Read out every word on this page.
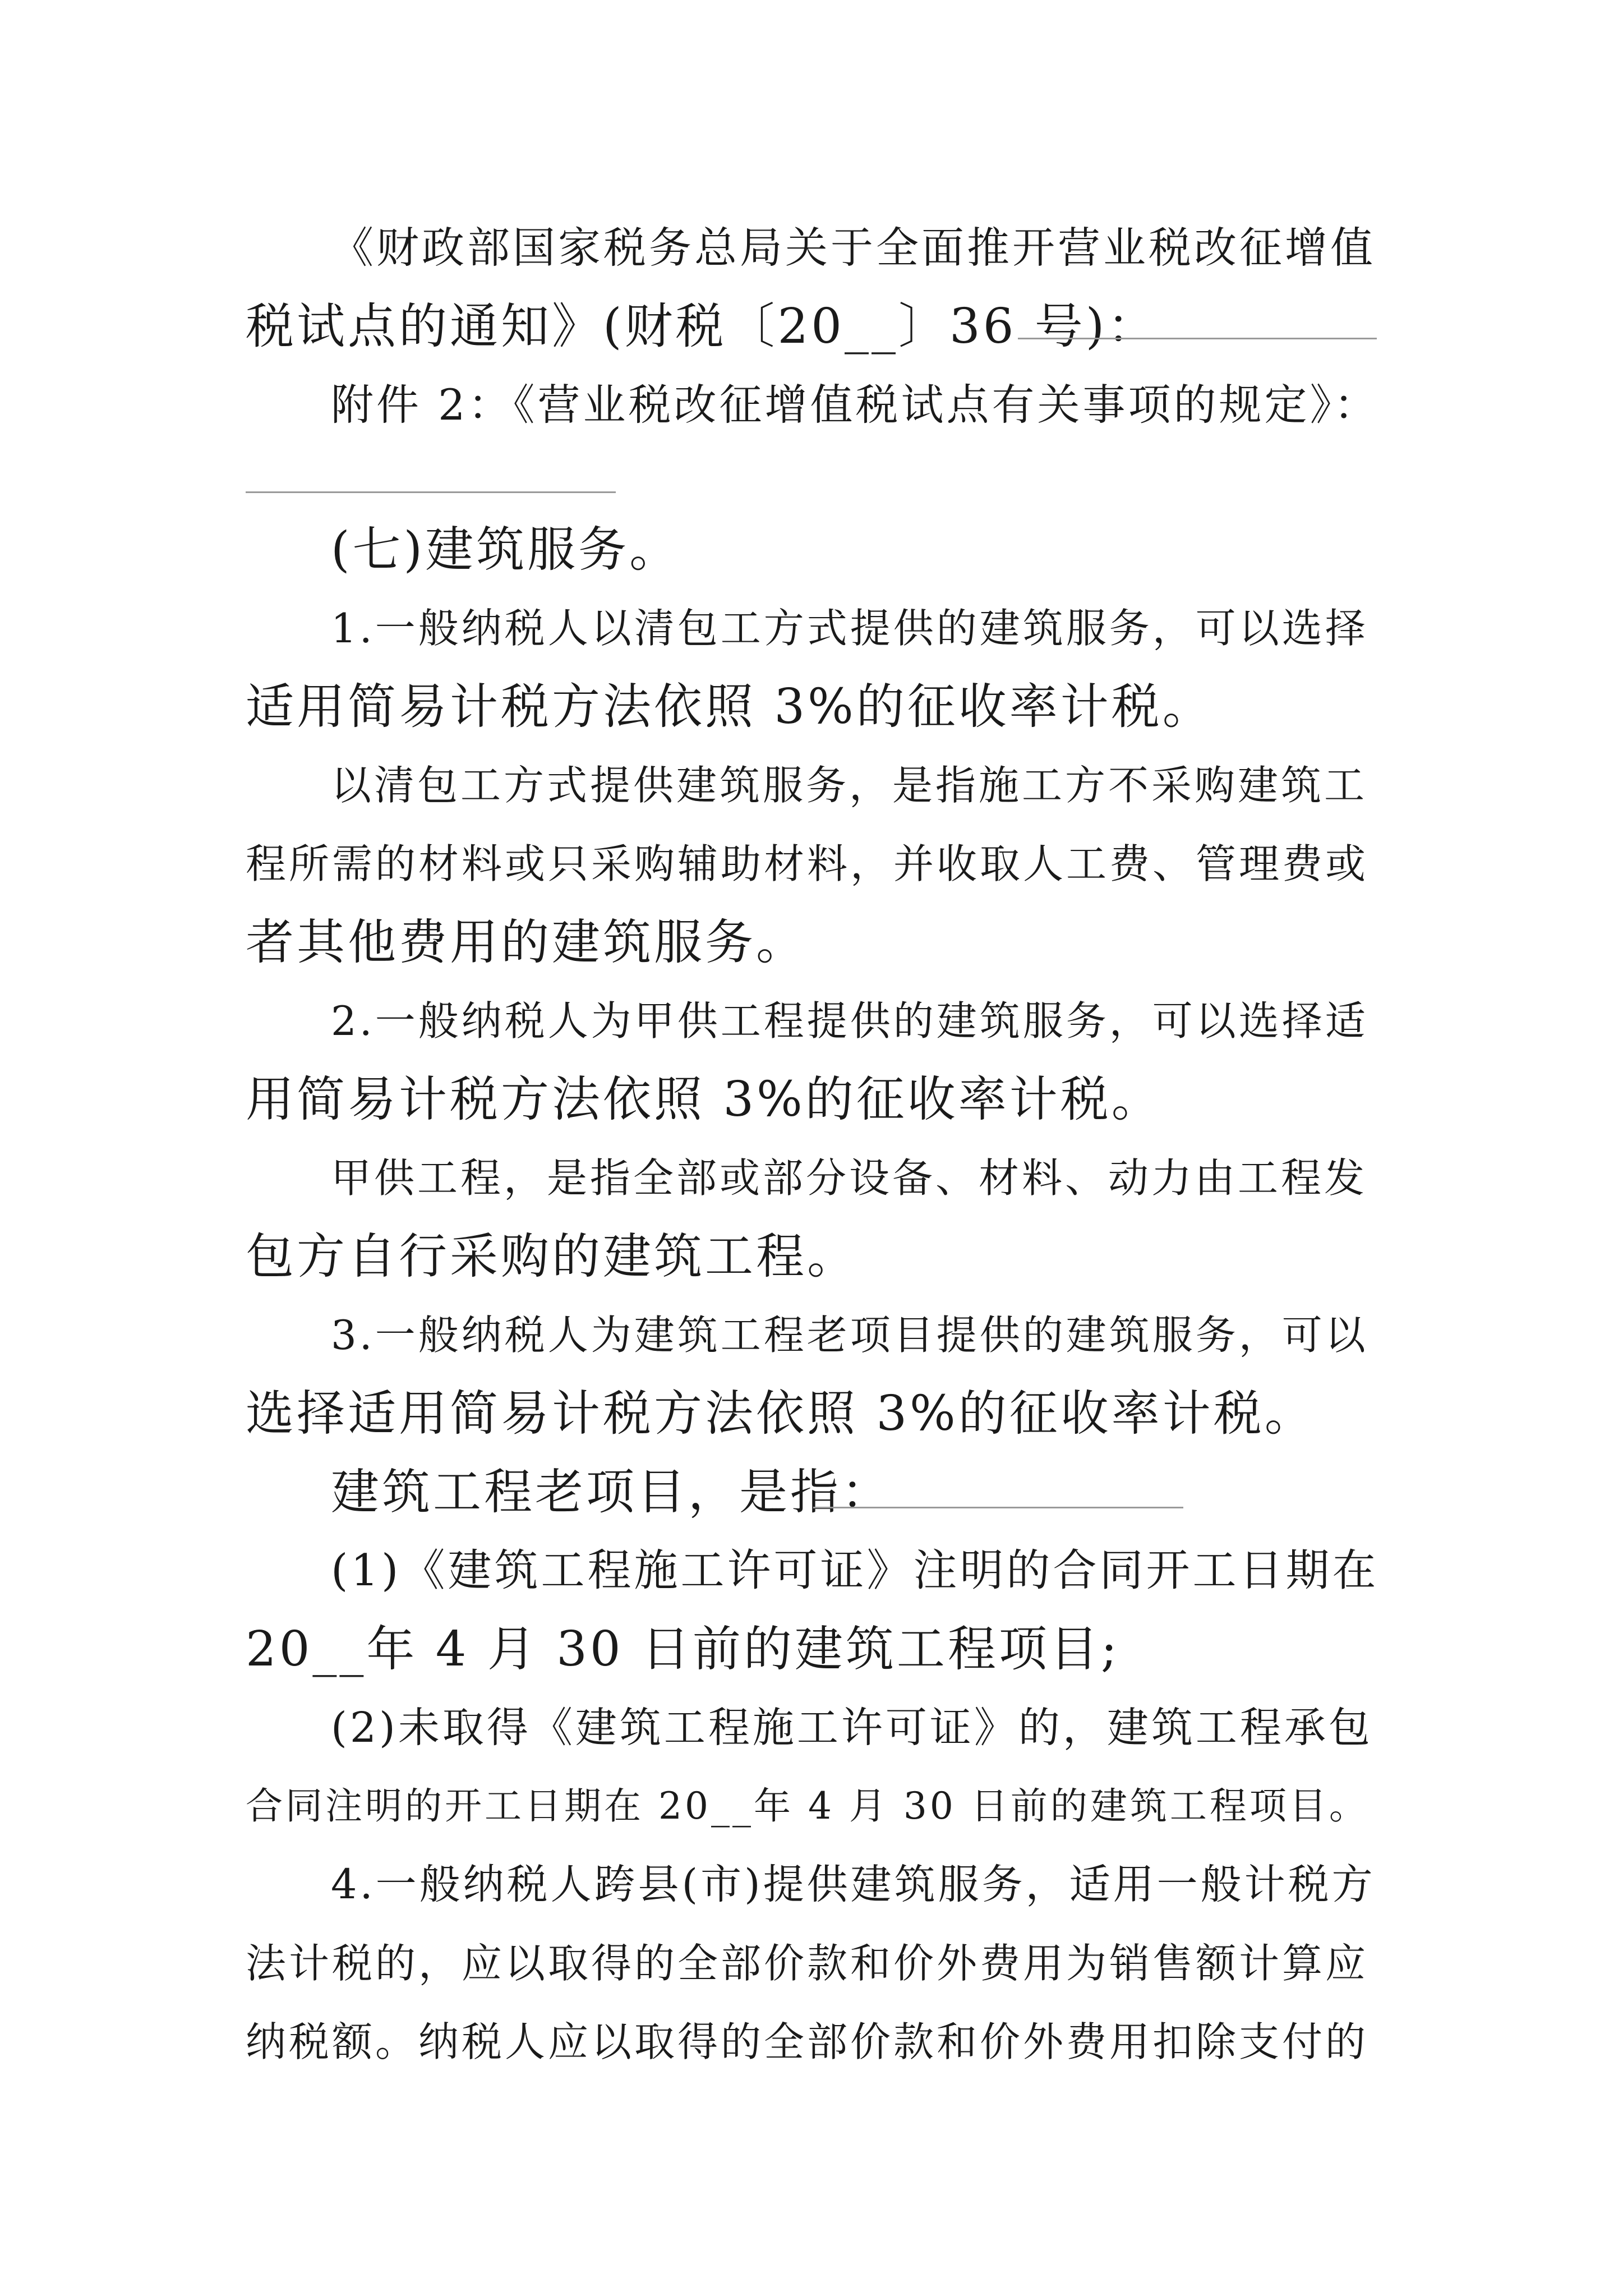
《财政部国家税务总局关于全面推开营业税改征增值
税试点的通知》(财税〔20__〕36 号)：
附件 2：《营业税改征增值税试点有关事项的规定》：
(七)建筑服务。
1.一般纳税人以清包工方式提供的建筑服务，可以选择
适用简易计税方法依照 3%的征收率计税。
以清包工方式提供建筑服务，是指施工方不采购建筑工
程所需的材料或只采购辅助材料，并收取人工费、管理费或
者其他费用的建筑服务。
2.一般纳税人为甲供工程提供的建筑服务，可以选择适
用简易计税方法依照 3%的征收率计税。
甲供工程，是指全部或部分设备、材料、动力由工程发
包方自行采购的建筑工程。
3.一般纳税人为建筑工程老项目提供的建筑服务，可以
选择适用简易计税方法依照 3%的征收率计税。
建筑工程老项目，是指：
(1)《建筑工程施工许可证》注明的合同开工日期在
20__年 4 月 30 日前的建筑工程项目;
(2)未取得《建筑工程施工许可证》的，建筑工程承包
合同注明的开工日期在 20__年 4 月 30 日前的建筑工程项目。
4.一般纳税人跨县(市)提供建筑服务，适用一般计税方
法计税的，应以取得的全部价款和价外费用为销售额计算应
纳税额。纳税人应以取得的全部价款和价外费用扣除支付的
